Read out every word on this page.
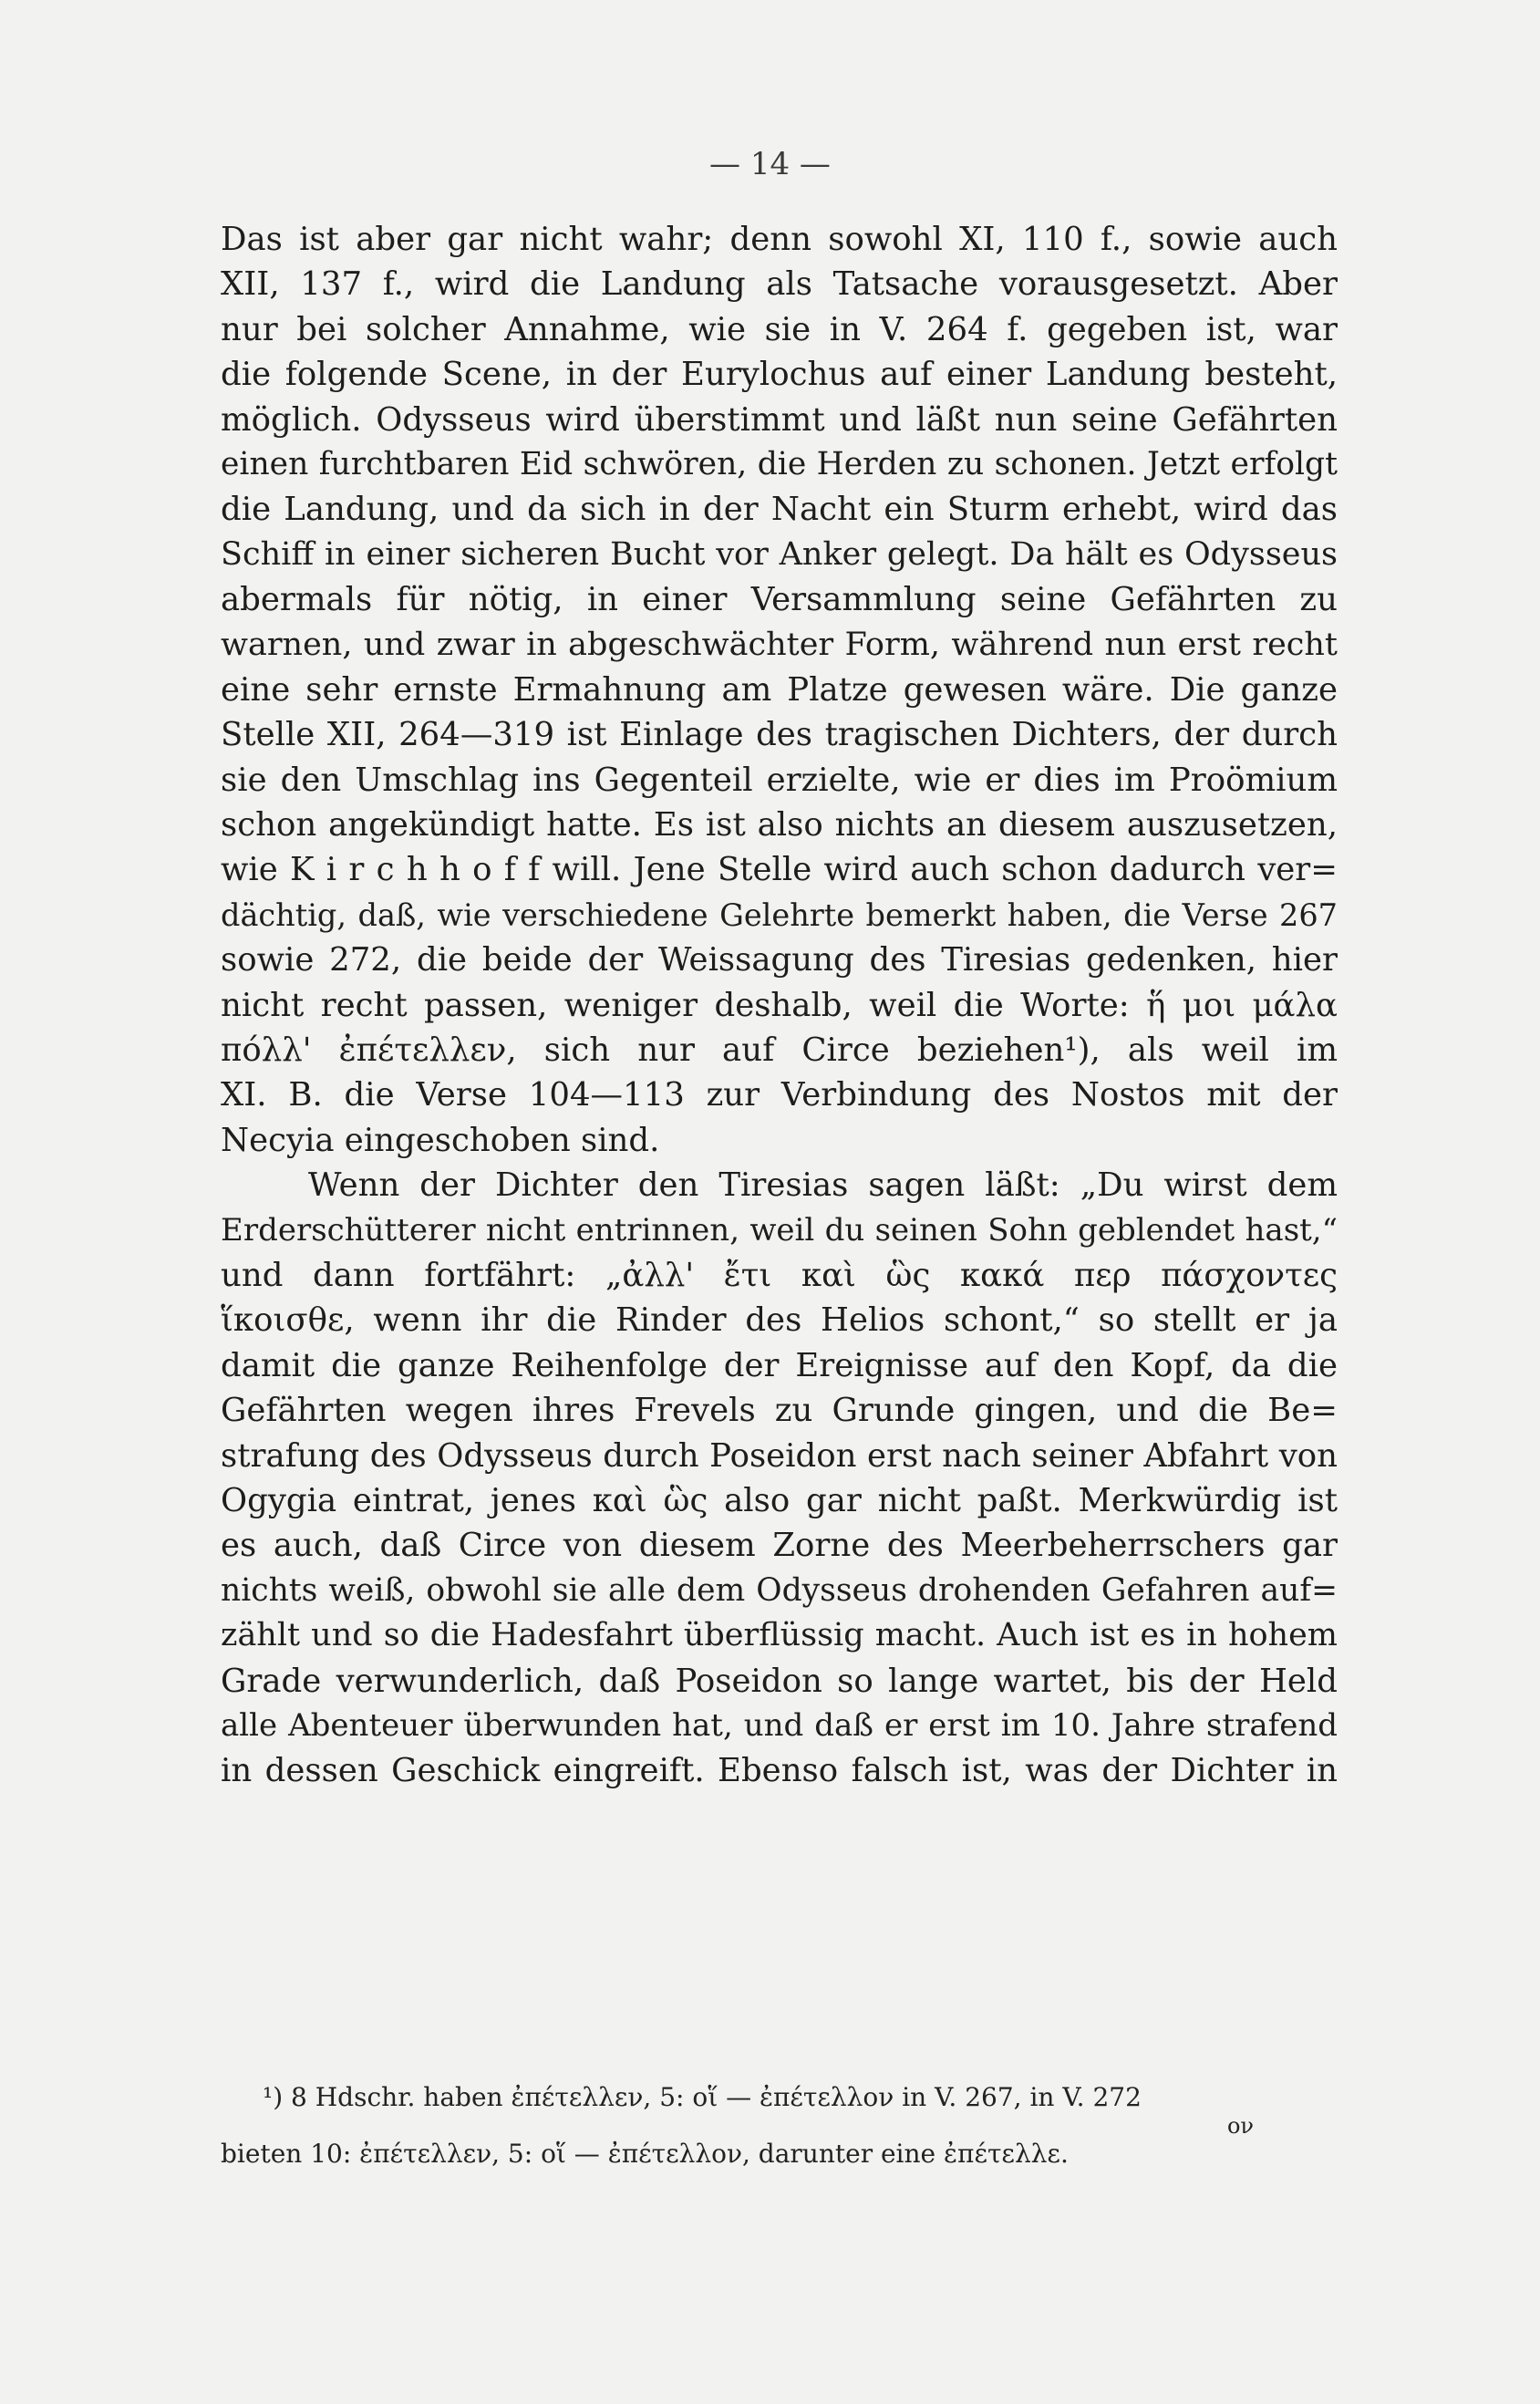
— 14 —
Das ist aber gar nicht wahr; denn sowohl XI, 110 f., sowie auch
XII, 137 f., wird die Landung als Tatsache vorausgesetzt. Aber
nur bei solcher Annahme, wie sie in V. 264 f. gegeben ist, war
die folgende Scene, in der Eurylochus auf einer Landung besteht,
möglich. Odysseus wird überstimmt und läßt nun seine Gefährten
einen furchtbaren Eid schwören, die Herden zu schonen. Jetzt erfolgt
die Landung, und da sich in der Nacht ein Sturm erhebt, wird das
Schiff in einer sicheren Bucht vor Anker gelegt. Da hält es Odysseus
abermals für nötig, in einer Versammlung seine Gefährten zu
warnen, und zwar in abgeschwächter Form, während nun erst recht
eine sehr ernste Ermahnung am Platze gewesen wäre. Die ganze
Stelle XII, 264—319 ist Einlage des tragischen Dichters, der durch
sie den Umschlag ins Gegenteil erzielte, wie er dies im Proömium
schon angekündigt hatte. Es ist also nichts an diesem auszusetzen,
wie K i r c h h o f f will. Jene Stelle wird auch schon dadurch ver=
dächtig, daß, wie verschiedene Gelehrte bemerkt haben, die Verse 267
sowie 272, die beide der Weissagung des Tiresias gedenken, hier
nicht recht passen, weniger deshalb, weil die Worte: ἥ μοι μάλα
πόλλ' ἐπέτελλεν, sich nur auf Circe beziehen¹), als weil im
XI. B. die Verse 104—113 zur Verbindung des Nostos mit der
Necyia eingeschoben sind.
Wenn der Dichter den Tiresias sagen läßt: „Du wirst dem
Erderschütterer nicht entrinnen, weil du seinen Sohn geblendet hast,“
und dann fortfährt: „ἀλλ' ἔτι καὶ ὣς κακά περ πάσχοντες
ἵκοισθε, wenn ihr die Rinder des Helios schont,“ so stellt er ja
damit die ganze Reihenfolge der Ereignisse auf den Kopf, da die
Gefährten wegen ihres Frevels zu Grunde gingen, und die Be=
strafung des Odysseus durch Poseidon erst nach seiner Abfahrt von
Ogygia eintrat, jenes καὶ ὣς also gar nicht paßt. Merkwürdig ist
es auch, daß Circe von diesem Zorne des Meerbeherrschers gar
nichts weiß, obwohl sie alle dem Odysseus drohenden Gefahren auf=
zählt und so die Hadesfahrt überflüssig macht. Auch ist es in hohem
Grade verwunderlich, daß Poseidon so lange wartet, bis der Held
alle Abenteuer überwunden hat, und daß er erst im 10. Jahre strafend
in dessen Geschick eingreift. Ebenso falsch ist, was der Dichter in
¹) 8 Hdschr. haben ἐπέτελλεν, 5: οἵ — ἐπέτελλον in V. 267, in V. 272
ον
bieten 10: ἐπέτελλεν, 5: οἵ — ἐπέτελλον, darunter eine ἐπέτελλε.
